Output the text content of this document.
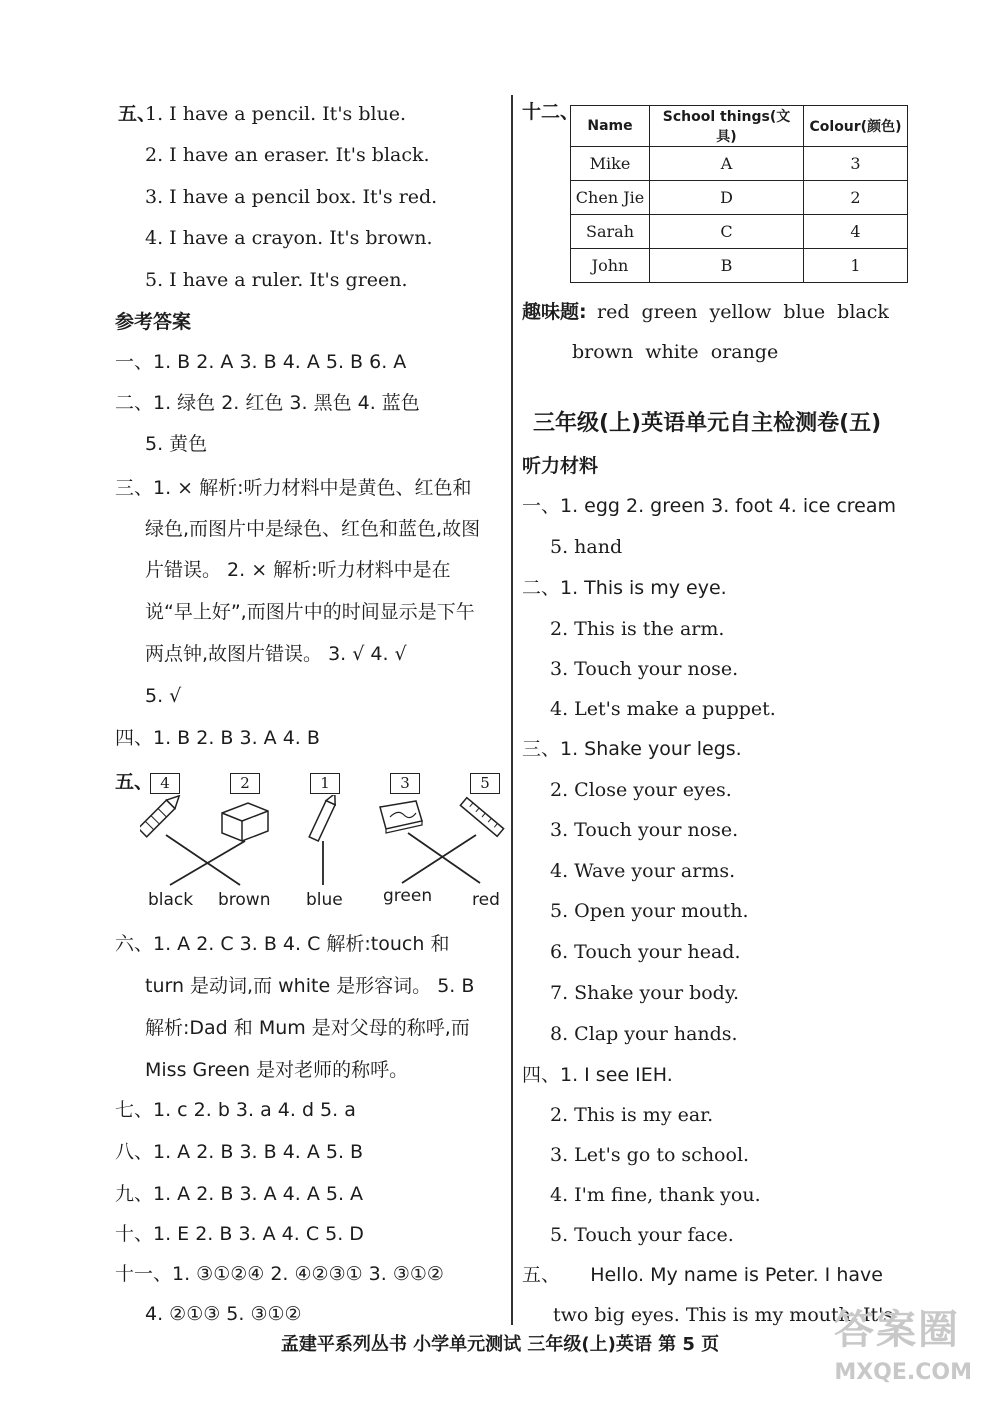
五、
1. I have a pencil. It's blue.
2. I have an eraser. It's black.
3. I have a pencil box. It's red.
4. I have a crayon. It's brown.
5. I have a ruler. It's green.
参考答案
一、1. B 2. A 3. B 4. A 5. B 6. A
二、1. 绿色 2. 红色 3. 黑色 4. 蓝色
5. 黄色
三、1. × 解析:听力材料中是黄色、红色和
绿色,而图片中是绿色、红色和蓝色,故图
片错误。 2. × 解析:听力材料中是在
说“早上好”,而图片中的时间显示是下午
两点钟,故图片错误。 3. √ 4. √
5. √
四、1. B 2. B 3. A 4. B
五、 4	2	1	3	5
black brown blue green red
六、1. A 2. C 3. B 4. C 解析:touch 和
turn 是动词,而 white 是形容词。 5. B
解析:Dad 和 Mum 是对父母的称呼,而
Miss Green 是对老师的称呼。
七、1. c 2. b 3. a 4. d 5. a
八、1. A 2. B 3. B 4. A 5. B
九、1. A 2. B 3. A 4. A 5. A
十、1. E 2. B 3. A 4. C 5. D
十一、1. ③①②④ 2. ④②③① 3. ③①②
4. ②①③ 5. ③①②
十二、
Name	School things(文具)	Colour(颜色)
Mike	A	3
Chen Jie	D	2
Sarah	C	4
John	B	1
趣味题: red green yellow blue black
brown white orange
三年级(上)英语单元自主检测卷(五)
听力材料
一、1. egg 2. green 3. foot 4. ice cream
5. hand
二、1. This is my eye.
2. This is the arm.
3. Touch your nose.
4. Let's make a puppet.
三、1. Shake your legs.
2. Close your eyes.
3. Touch your nose.
4. Wave your arms.
5. Open your mouth.
6. Touch your head.
7. Shake your body.
8. Clap your hands.
四、1. I see IEH.
2. This is my ear.
3. Let's go to school.
4. I'm fine, thank you.
5. Touch your face.
五、     Hello. My name is Peter. I have
two big eyes. This is my mouth. It's
孟建平系列丛书 小学单元测试 三年级(上)英语 第 5 页	答案圈
MXQE.COM
